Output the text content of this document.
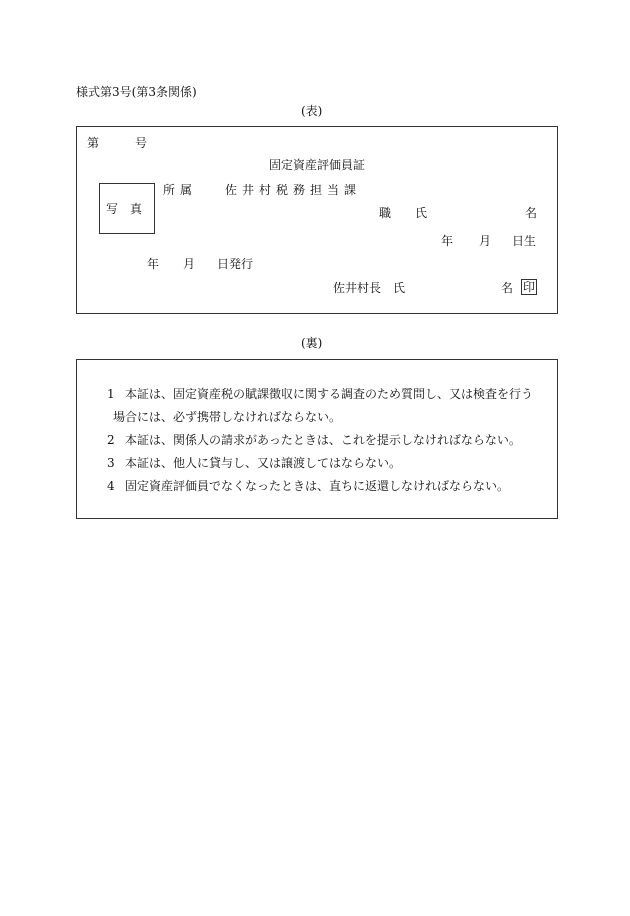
様式第3号(第3条関係)
(表)
第	号
固定資産評価員証
写　真
所属 佐井村税務担当課
職　　氏	名
年 月 日生
年 月 日発行
佐井村長　氏	名 印
(裏)
1 本証は、固定資産税の賦課徴収に関する調査のため質問し、又は検査を行う
場合には、必ず携帯しなければならない。
2 本証は、関係人の請求があったときは、これを提示しなければならない。
3 本証は、他人に貸与し、又は譲渡してはならない。
4 固定資産評価員でなくなったときは、直ちに返還しなければならない。
